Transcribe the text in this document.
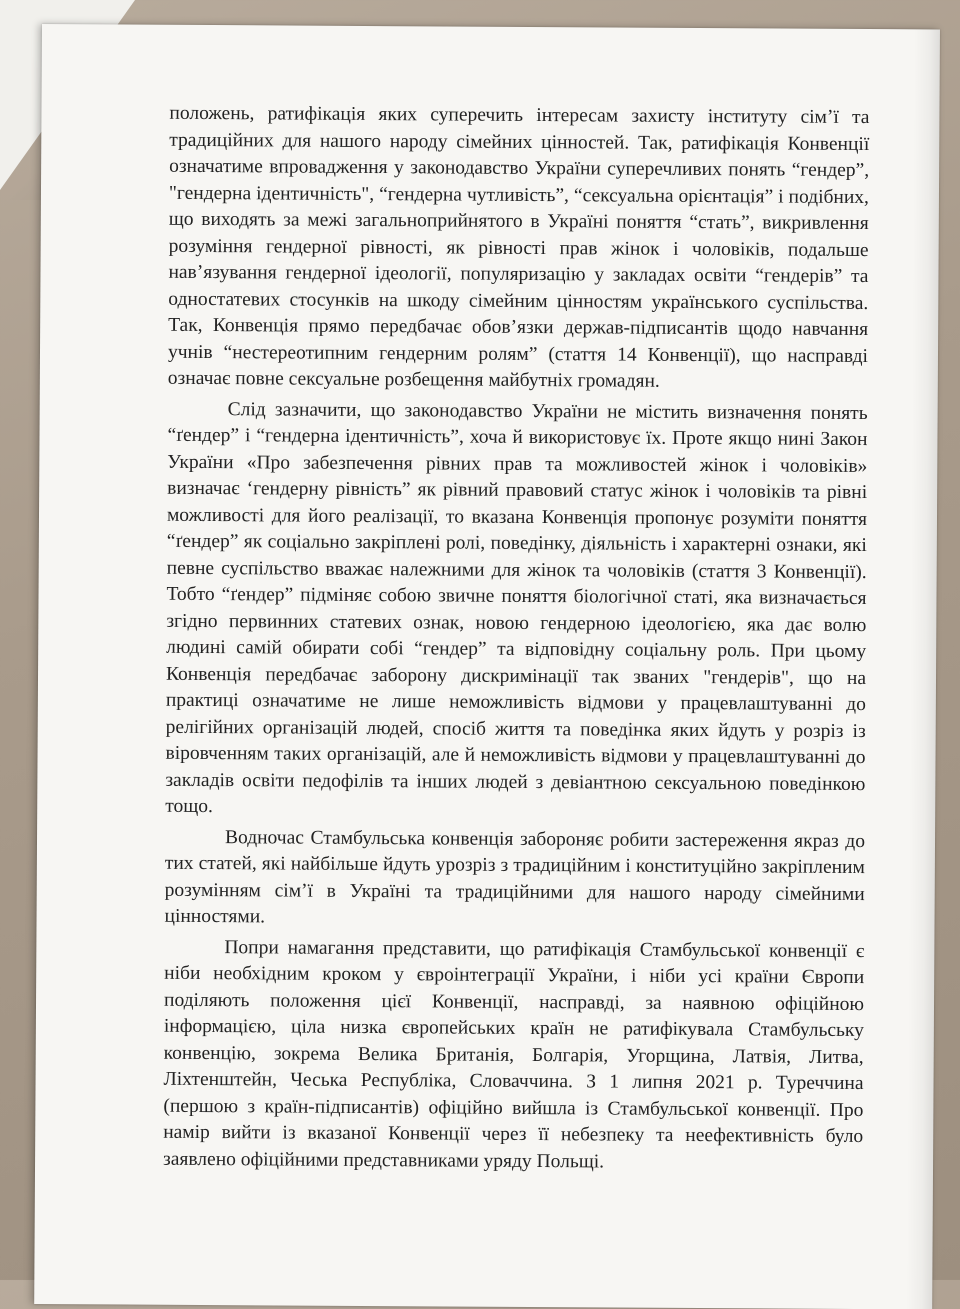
положень, ратифікація яких суперечить інтересам захисту інституту сім’ї та традиційних для нашого народу сімейних цінностей. Так, ратифікація Конвенції означатиме впровадження у законодавство України суперечливих понять “гендер”, "гендерна ідентичність", “гендерна чутливість”, “сексуальна орієнтація” і подібних, що виходять за межі загальноприйнятого в Україні поняття “стать”, викривлення розуміння гендерної рівності, як рівності прав жінок і чоловіків, подальше нав’язування гендерної ідеології, популяризацію у закладах освіти “гендерів” та одностатевих стосунків на шкоду сімейним цінностям українського суспільства. Так, Конвенція прямо передбачає обов’язки держав-підписантів щодо навчання учнів “нестереотипним гендерним ролям” (стаття 14 Конвенції), що насправді означає повне сексуальне розбещення майбутніх громадян.

Слід зазначити, що законодавство України не містить визначення понять “ґендер” і “гендерна ідентичність”, хоча й використовує їх. Проте якщо нині Закон України «Про забезпечення рівних прав та можливостей жінок і чоловіків» визначає ‘гендерну рівність” як рівний правовий статус жінок і чоловіків та рівні можливості для його реалізації, то вказана Конвенція пропонує розуміти поняття “ґендер” як соціально закріплені ролі, поведінку, діяльність і характерні ознаки, які певне суспільство вважає належними для жінок та чоловіків (стаття 3 Конвенції). Тобто “ґендер” підміняє собою звичне поняття біологічної статі, яка визначається згідно первинних статевих ознак, новою гендерною ідеологією, яка дає волю людині самій обирати собі “гендер” та відповідну соціальну роль. При цьому Конвенція передбачає заборону дискримінації так званих "гендерів", що на практиці означатиме не лише неможливість відмови у працевлаштуванні до релігійних організацій людей, спосіб життя та поведінка яких йдуть у розріз із віровченням таких організацій, але й неможливість відмови у працевлаштуванні до закладів освіти педофілів та інших людей з девіантною сексуальною поведінкою тощо.

Водночас Стамбульська конвенція забороняє робити застереження якраз до тих статей, які найбільше йдуть урозріз з традиційним і конституційно закріпленим розумінням сім’ї в Україні та традиційними для нашого народу сімейними цінностями.

Попри намагання представити, що ратифікація Стамбульської конвенції є ніби необхідним кроком у євроінтеграції України, і ніби усі країни Європи поділяють положення цієї Конвенції, насправді, за наявною офіційною інформацією, ціла низка європейських країн не ратифікувала Стамбульську конвенцію, зокрема Велика Британія, Болгарія, Угорщина, Латвія, Литва, Ліхтенштейн, Чеська Республіка, Словаччина. З 1 липня 2021 р. Туреччина (першою з країн-підписантів) офіційно вийшла із Стамбульської конвенції. Про намір вийти із вказаної Конвенції через її небезпеку та неефективність було заявлено офіційними представниками уряду Польщі.
